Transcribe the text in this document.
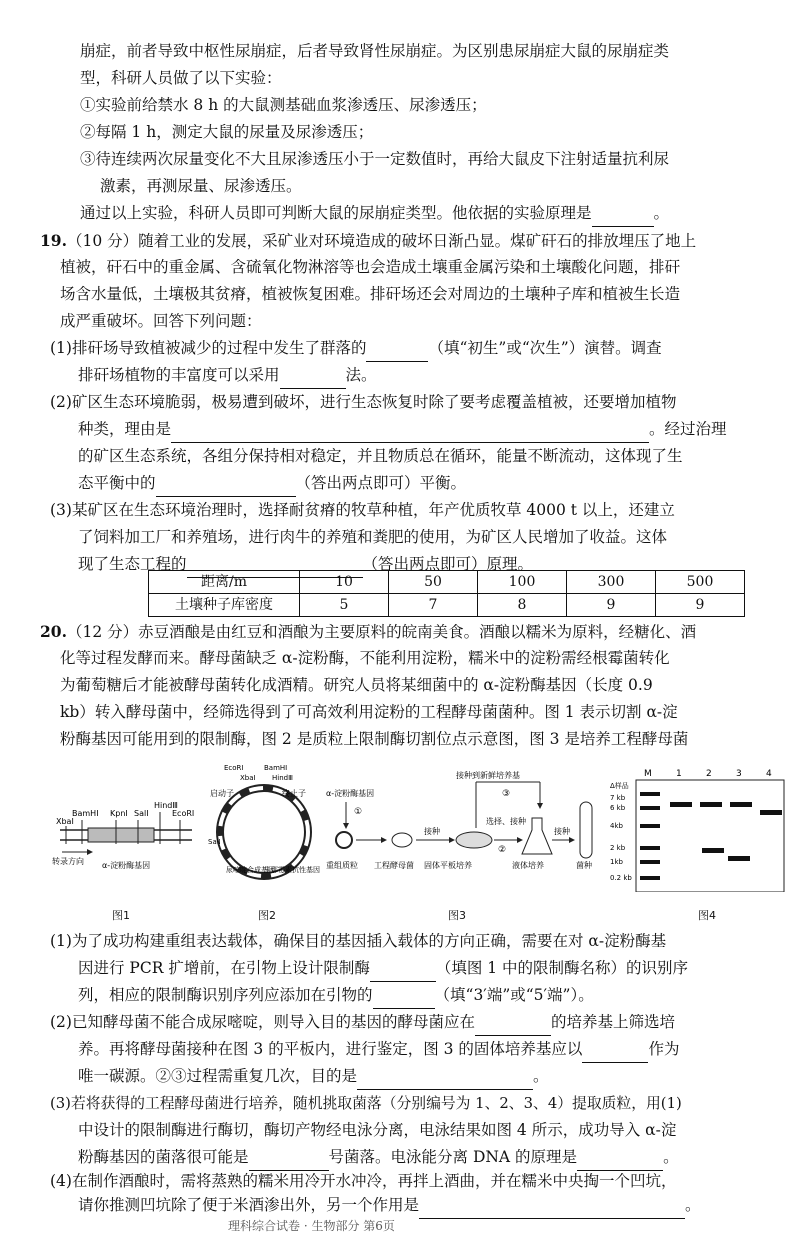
崩症，前者导致中枢性尿崩症，后者导致肾性尿崩症。为区别患尿崩症大鼠的尿崩症类
型，科研人员做了以下实验：
①实验前给禁水 8 h 的大鼠测基础血浆渗透压、尿渗透压；
②每隔 1 h，测定大鼠的尿量及尿渗透压；
③待连续两次尿量变化不大且尿渗透压小于一定数值时，再给大鼠皮下注射适量抗利尿
激素，再测尿量、尿渗透压。
通过以上实验，科研人员即可判断大鼠的尿崩症类型。他依据的实验原理是	。
19.（10 分）随着工业的发展，采矿业对环境造成的破坏日渐凸显。煤矿矸石的排放埋压了地上
植被，矸石中的重金属、含硫氧化物淋溶等也会造成土壤重金属污染和土壤酸化问题，排矸
场含水量低，土壤极其贫瘠，植被恢复困难。排矸场还会对周边的土壤种子库和植被生长造
成严重破坏。回答下列问题：
(1)排矸场导致植被减少的过程中发生了群落的	（填“初生”或“次生”）演替。调查
排矸场植物的丰富度可以采用	法。
(2)矿区生态环境脆弱，极易遭到破坏，进行生态恢复时除了要考虑覆盖植被，还要增加植物
种类，理由是	。经过治理
的矿区生态系统，各组分保持相对稳定，并且物质总在循环，能量不断流动，这体现了生
态平衡中的	（答出两点即可）平衡。
(3)某矿区在生态环境治理时，选择耐贫瘠的牧草种植，年产优质牧草 4000 t 以上，还建立
了饲料加工厂和养殖场，进行肉牛的养殖和粪肥的使用，为矿区人民增加了收益。这体
现了生态工程的	（答出两点即可）原理。
距离/m	10	50	100	300	500
土壤种子库密度	5	7	8	9	9
20.（12 分）赤豆酒酿是由红豆和酒酿为主要原料的皖南美食。酒酿以糯米为原料，经糖化、酒
化等过程发酵而来。酵母菌缺乏 α-淀粉酶，不能利用淀粉，糯米中的淀粉需经根霉菌转化
为葡萄糖后才能被酵母菌转化成酒精。研究人员将某细菌中的 α-淀粉酶基因（长度 0.9
kb）转入酵母菌中，经筛选得到了可高效利用淀粉的工程酵母菌菌种。图 1 表示切割 α-淀
粉酶基因可能用到的限制酶，图 2 是质粒上限制酶切割位点示意图，图 3 是培养工程酵母菌
XbaⅠ
BamHⅠ KpnⅠ SalⅠ
HindⅢ
EcoRⅠ
转录方向 α-淀粉酶基因
EcoRⅠ	BamHⅠ
XbaⅠ HindⅢ
启动子	终止子
SalⅠ
尿嘧啶合成基因
卡那霉素抗性基因
α-淀粉酶基因
①
重组质粒 工程酵母菌
接种
固体平板培养
接种到新鲜培养基
③
选择、接种
②
液体培养
接种
菌种
M	1	2	3	4
Δ样品
7 kb
6 kb
4kb
2 kb
1kb
0.2 kb
图1	图2	图3	图4
(1)为了成功构建重组表达载体，确保目的基因插入载体的方向正确，需要在对 α-淀粉酶基
因进行 PCR 扩增前，在引物上设计限制酶	（填图 1 中的限制酶名称）的识别序
列，相应的限制酶识别序列应添加在引物的	（填“3′端”或“5′端”）。
(2)已知酵母菌不能合成尿嘧啶，则导入目的基因的酵母菌应在	的培养基上筛选培
养。再将酵母菌接种在图 3 的平板内，进行鉴定，图 3 的固体培养基应以	作为
唯一碳源。②③过程需重复几次，目的是	。
(3)若将获得的工程酵母菌进行培养，随机挑取菌落（分别编号为 1、2、3、4）提取质粒，用(1)
中设计的限制酶进行酶切，酶切产物经电泳分离，电泳结果如图 4 所示，成功导入 α-淀
粉酶基因的菌落很可能是	号菌落。电泳能分离 DNA 的原理是	。
(4)在制作酒酿时，需将蒸熟的糯米用冷开水冲冷，再拌上酒曲，并在糯米中央掏一个凹坑，
请你推测凹坑除了便于米酒渗出外，另一个作用是	。
理科综合试卷 · 生物部分 第6页
